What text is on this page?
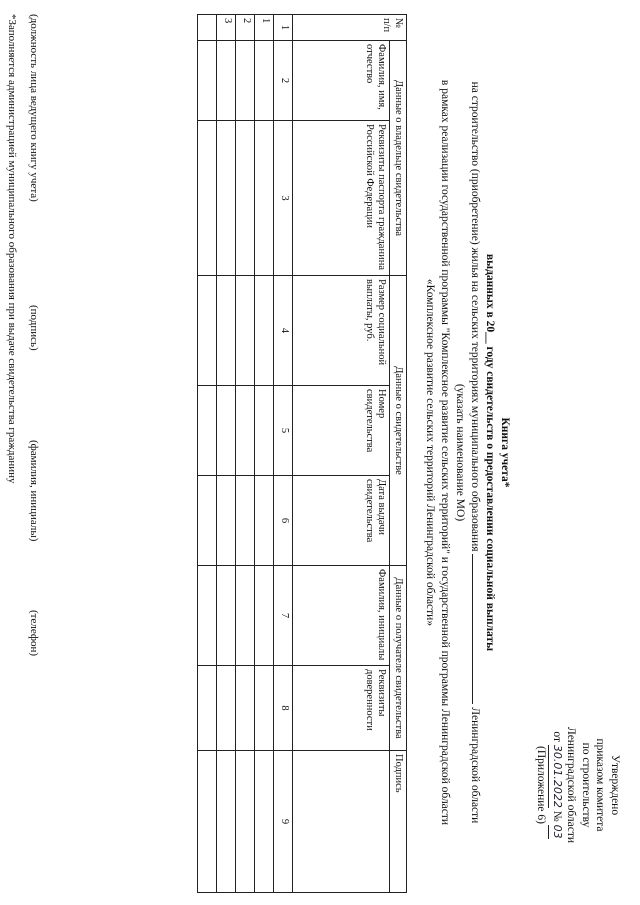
Утверждено
приказом комитета
по строительству
Ленинградской области
от 30.01.2022 № 03
(Приложение 6)
Книга учета*
выданных в 20__ году свидетельств о предоставлении социальной выплаты
на строительство (приобретение) жилья на сельских территориях муниципального образования  Ленинградской области
(указать наименование МО)
в рамках реализации государственной программы "Комплексное развитие сельских территорий" и государственной программы Ленинградской области
«Комплексное развитие сельских территорий Ленинградской области»
№ п/п	Данные о владельце свидетельства		Данные о свидетельстве			Данные о получателе свидетельства		Подпись
	Фамилия, имя, отчество	Реквизиты паспорта гражданина Российской Федерации	Размер социальной выплаты, руб.	Номер свидетельства	Дата выдачи свидетельства	Фамилия, инициалы	Реквизиты доверенности	
1	2	3	4	5	6	7	8	9
1								
2								
3								

(должность лица ведущего книгу учета)
(подпись)
(фамилия, инициалы)
(телефон)
*Заполняется администрацией муниципального образования при выдаче свидетельства гражданину
